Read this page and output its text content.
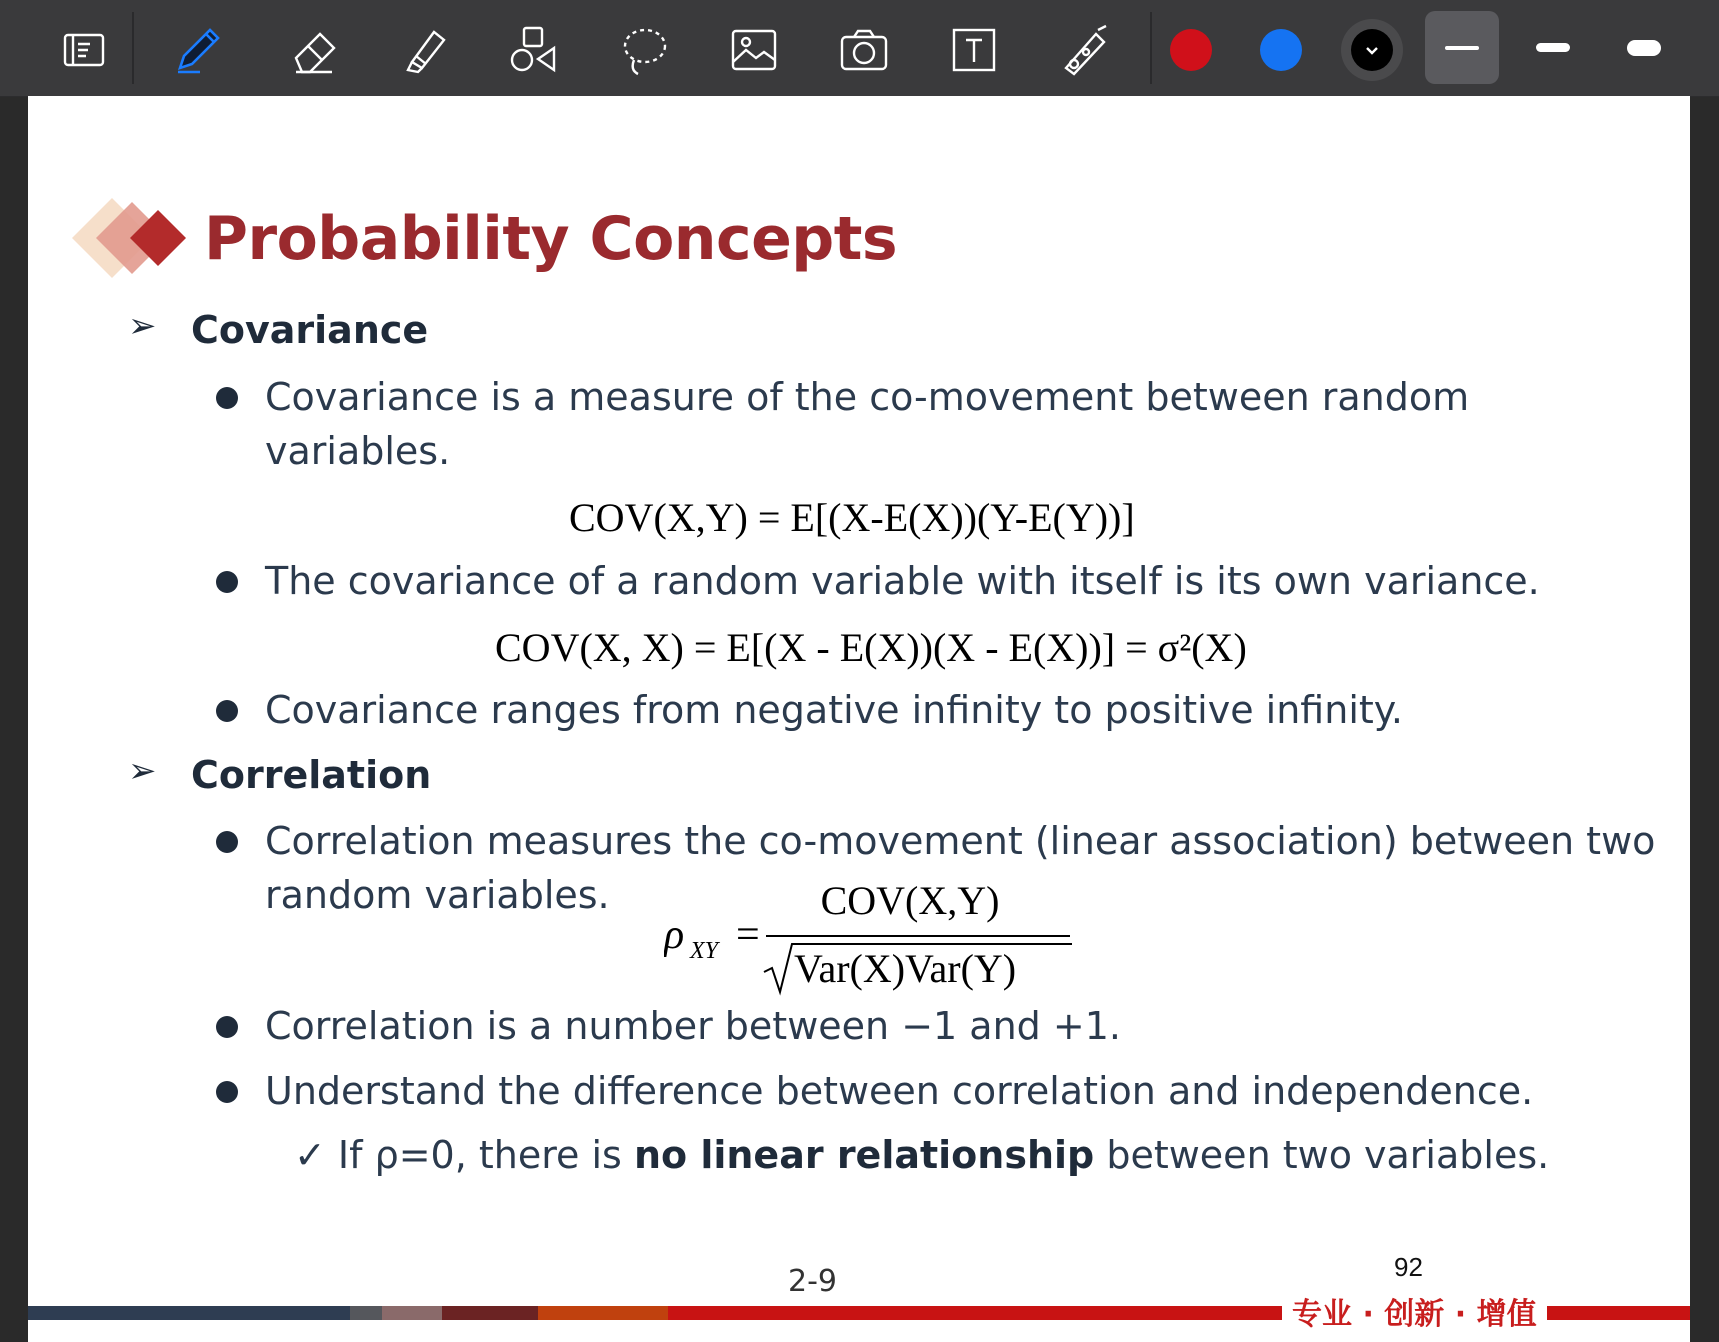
Probability Concepts
➢ Covariance
Covariance is a measure of the co-movement between random
variables.
COV(X,Y) = E[(X-E(X))(Y-E(Y))]
The covariance of a random variable with itself is its own variance.
COV(X, X) = E[(X - E(X))(X - E(X))] = σ²(X)
Covariance ranges from negative infinity to positive infinity.
➢ Correlation
Correlation measures the co-movement (linear association) between two
random variables.
ρ XY =
COV(X,Y)
Var(X)Var(Y)
Correlation is a number between −1 and +1.
Understand the difference between correlation and independence.
✓ If ρ=0, there is no linear relationship between two variables.
2-9	92
专业 · 创新 · 增值
